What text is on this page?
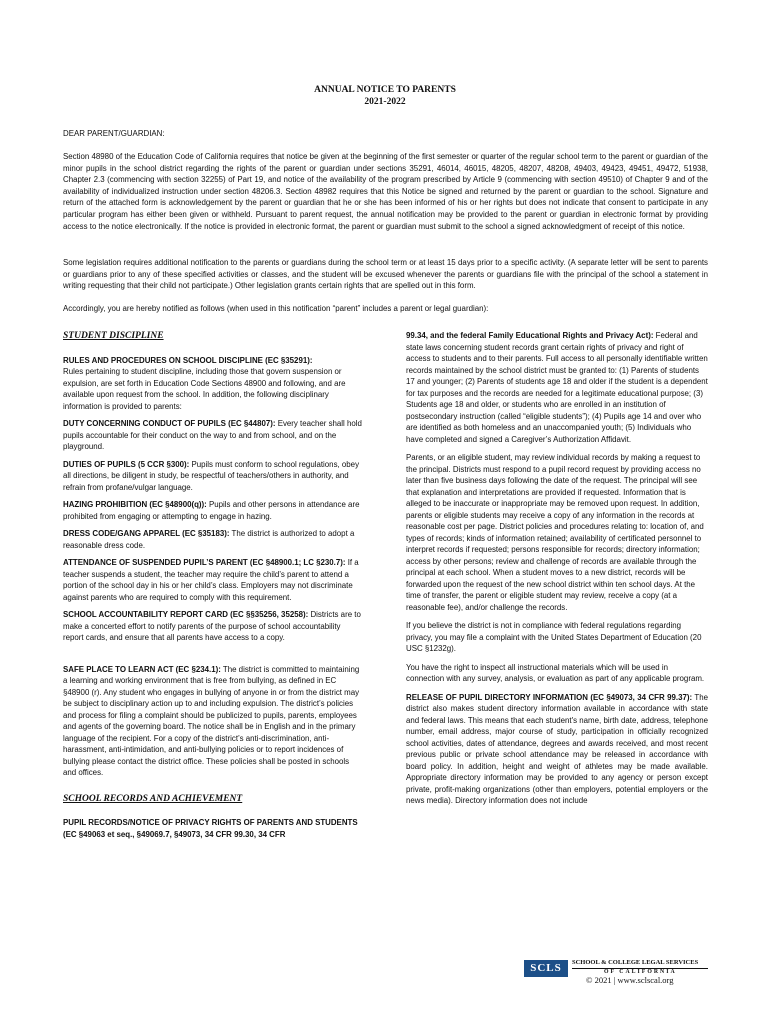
ANNUAL NOTICE TO PARENTS
2021-2022

DEAR PARENT/GUARDIAN:

Section 48980 of the Education Code of California requires that notice be given at the beginning of the first semester or quarter of the regular school term to the parent or guardian of the minor pupils in the school district regarding the rights of the parent or guardian under sections 35291, 46014, 46015, 48205, 48207, 48208, 49403, 49423, 49451, 49472, 51938, Chapter 2.3 (commencing with section 32255) of Part 19, and notice of the availability of the program prescribed by Article 9 (commencing with section 49510) of Chapter 9 and of the availability of individualized instruction under section 48206.3. Section 48982 requires that this Notice be signed and returned by the parent or guardian to the school. Signature and return of the attached form is acknowledgement by the parent or guardian that he or she has been informed of his or her rights but does not indicate that consent to participate in any particular program has either been given or withheld. Pursuant to parent request, the annual notification may be provided to the parent or guardian in electronic format by providing access to the notice electronically. If the notice is provided in electronic format, the parent or guardian must submit to the school a signed acknowledgment of receipt of this notice.

Some legislation requires additional notification to the parents or guardians during the school term or at least 15 days prior to a specific activity. (A separate letter will be sent to parents or guardians prior to any of these specified activities or classes, and the student will be excused whenever the parents or guardians file with the principal of the school a statement in writing requesting that their child not participate.) Other legislation grants certain rights that are spelled out in this form.

Accordingly, you are hereby notified as follows (when used in this notification “parent” includes a parent or legal guardian):

STUDENT DISCIPLINE

RULES AND PROCEDURES ON SCHOOL DISCIPLINE (EC §35291):
Rules pertaining to student discipline, including those that govern suspension or expulsion, are set forth in Education Code Sections 48900 and following, and are available upon request from the school. In addition, the following disciplinary information is provided to parents:

DUTY CONCERNING CONDUCT OF PUPILS (EC §44807): Every teacher shall hold pupils accountable for their conduct on the way to and from school, and on the playground.

DUTIES OF PUPILS (5 CCR §300): Pupils must conform to school regulations, obey all directions, be diligent in study, be respectful of teachers/others in authority, and refrain from profane/vulgar language.

HAZING PROHIBITION (EC §48900(q)): Pupils and other persons in attendance are prohibited from engaging or attempting to engage in hazing.

DRESS CODE/GANG APPAREL (EC §35183): The district is authorized to adopt a reasonable dress code.

ATTENDANCE OF SUSPENDED PUPIL’S PARENT (EC §48900.1; LC §230.7): If a teacher suspends a student, the teacher may require the child’s parent to attend a portion of the school day in his or her child’s class. Employers may not discriminate against parents who are required to comply with this requirement.

SCHOOL ACCOUNTABILITY REPORT CARD (EC §§35256, 35258): Districts are to make a concerted effort to notify parents of the purpose of school accountability report cards, and ensure that all parents have access to a copy.

SAFE PLACE TO LEARN ACT (EC §234.1): The district is committed to maintaining a learning and working environment that is free from bullying, as defined in EC §48900 (r). Any student who engages in bullying of anyone in or from the district may be subject to disciplinary action up to and including expulsion. The district’s policies and process for filing a complaint should be publicized to pupils, parents, employees and agents of the governing board. The notice shall be in English and in the primary language of the recipient. For a copy of the district’s anti-discrimination, anti-harassment, anti-intimidation, and anti-bullying policies or to report incidences of bullying please contact the district office. These policies shall be posted in schools and offices.

SCHOOL RECORDS AND ACHIEVEMENT

PUPIL RECORDS/NOTICE OF PRIVACY RIGHTS OF PARENTS AND STUDENTS (EC §49063 et seq., §49069.7, §49073, 34 CFR 99.30, 34 CFR

99.34, and the federal Family Educational Rights and Privacy Act): Federal and state laws concerning student records grant certain rights of privacy and right of access to students and to their parents. Full access to all personally identifiable written records maintained by the school district must be granted to: (1) Parents of students 17 and younger; (2) Parents of students age 18 and older if the student is a dependent for tax purposes and the records are needed for a legitimate educational purpose; (3) Students age 18 and older, or students who are enrolled in an institution of postsecondary instruction (called “eligible students”); (4) Pupils age 14 and over who are identified as both homeless and an unaccompanied youth; (5) Individuals who have completed and signed a Caregiver’s Authorization Affidavit.

Parents, or an eligible student, may review individual records by making a request to the principal. Districts must respond to a pupil record request by providing access no later than five business days following the date of the request. The principal will see that explanation and interpretations are provided if requested. Information that is alleged to be inaccurate or inappropriate may be removed upon request. In addition, parents or eligible students may receive a copy of any information in the records at reasonable cost per page. District policies and procedures relating to: location of, and types of records; kinds of information retained; availability of certificated personnel to interpret records if requested; persons responsible for records; directory information; access by other persons; review and challenge of records are available through the principal at each school. When a student moves to a new district, records will be forwarded upon the request of the new school district within ten school days. At the time of transfer, the parent or eligible student may review, receive a copy (at a reasonable fee), and/or challenge the records.

If you believe the district is not in compliance with federal regulations regarding privacy, you may file a complaint with the United States Department of Education (20 USC §1232g).

You have the right to inspect all instructional materials which will be used in connection with any survey, analysis, or evaluation as part of any applicable program.

RELEASE OF PUPIL DIRECTORY INFORMATION (EC §49073, 34 CFR 99.37): The district also makes student directory information available in accordance with state and federal laws. This means that each student's name, birth date, address, telephone number, email address, major course of study, participation in officially recognized school activities, dates of attendance, degrees and awards received, and most recent previous public or private school attendance may be released in accordance with board policy. In addition, height and weight of athletes may be made available. Appropriate directory information may be provided to any agency or person except private, profit-making organizations (other than employers, potential employers or the news media). Directory information does not include

SCLS	SCHOOL & COLLEGE LEGAL SERVICES
OF CALIFORNIA
© 2021 | www.sclscal.org
